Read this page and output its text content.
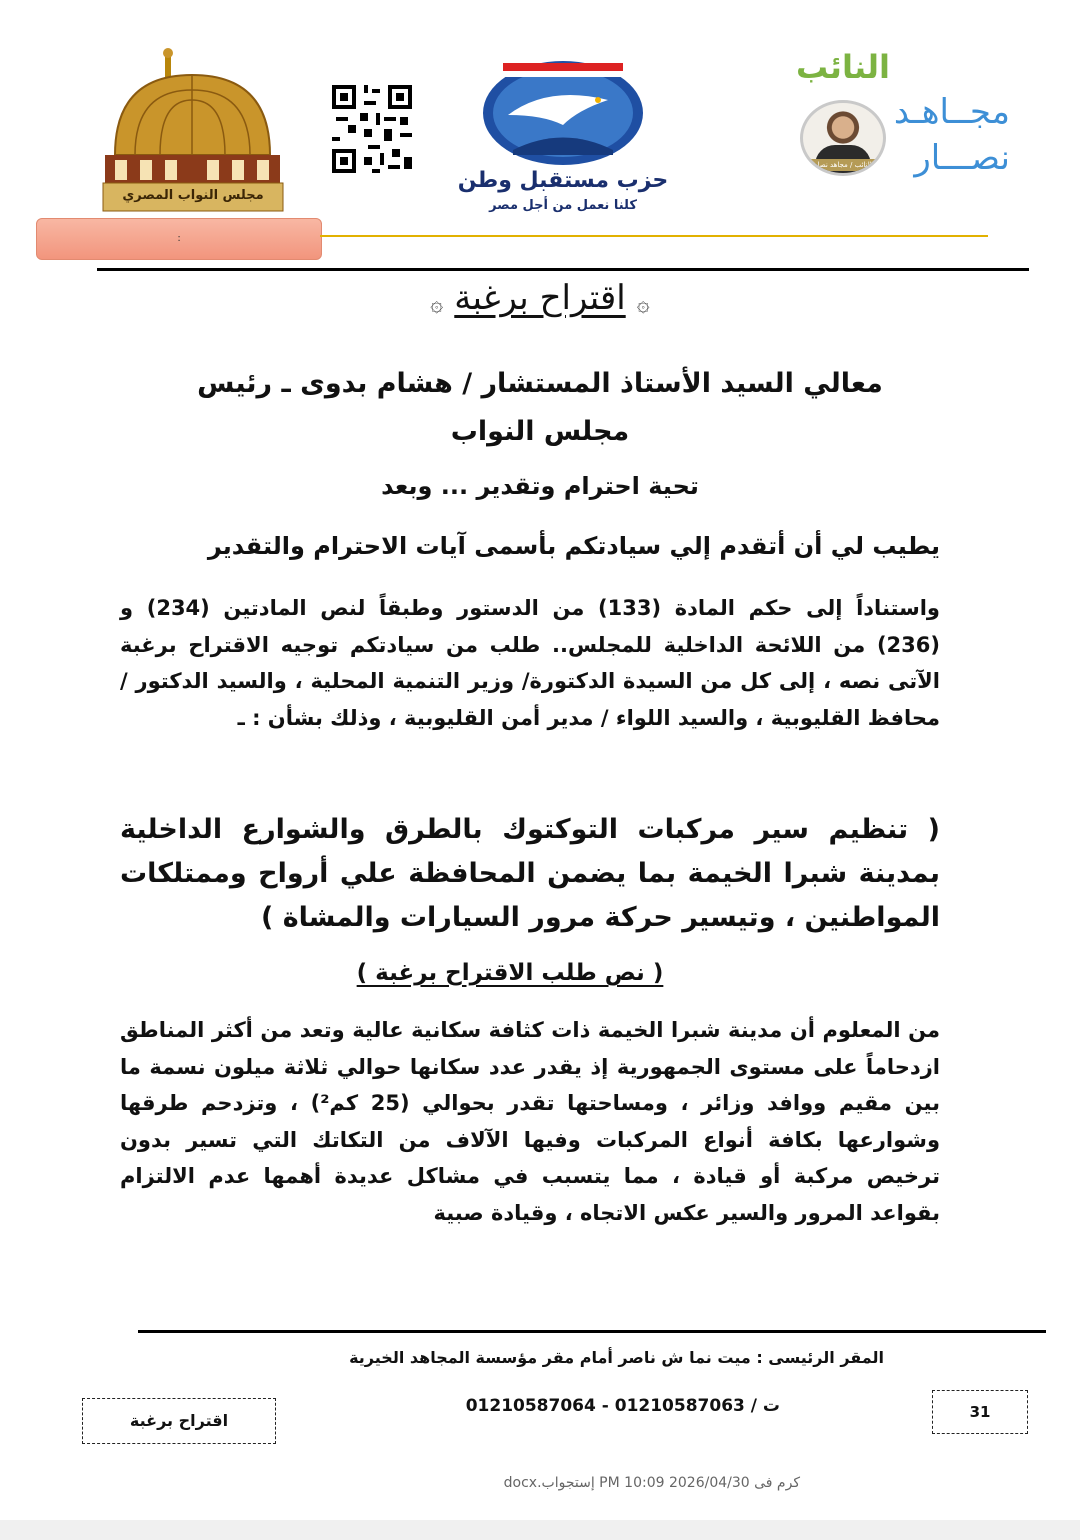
مجلس النواب المصري
حزب مستقبل وطن
كلنا نعمل من أجل مصر
النائب
مجــاهـد
نصـــار
النائب / مجاهد نصار
:
۞ اقتراح برغبة ۞
معالي السيد الأستاذ المستشار / هشام بدوى ـ رئيس مجلس النواب
تحية احترام وتقدير ... وبعد
يطيب لي أن أتقدم إلي سيادتكم بأسمى آيات الاحترام والتقدير
واستناداً إلى حكم المادة (133) من الدستور وطبقاً لنص المادتين (234) و (236) من اللائحة الداخلية للمجلس.. طلب من سيادتكم توجيه الاقتراح برغبة الآتى نصه ، إلى كل من السيدة الدكتورة/ وزير التنمية المحلية ، والسيد الدكتور / محافظ القليوبية ، والسيد اللواء / مدير أمن القليوبية ، وذلك بشأن : ـ
( تنظيم سير مركبات التوكتوك بالطرق والشوارع الداخلية بمدينة شبرا الخيمة بما يضمن المحافظة علي أرواح وممتلكات المواطنين ، وتيسير حركة مرور السيارات والمشاة )
( نص طلب الاقتراح برغبة )
من المعلوم أن مدينة شبرا الخيمة ذات كثافة سكانية عالية وتعد من أكثر المناطق ازدحاماً على مستوى الجمهورية إذ يقدر عدد سكانها حوالي ثلاثة ميلون نسمة ما بين مقيم ووافد وزائر ، ومساحتها تقدر بحوالي (25 كم²) ، وتزدحم طرقها وشوارعها بكافة أنواع المركبات وفيها الآلاف من التكاتك التي تسير بدون ترخيص مركبة أو قيادة ، مما يتسبب في مشاكل عديدة أهمها عدم الالتزام بقواعد المرور والسير عكس الاتجاه ، وقيادة صبية
المقر الرئيسى : ميت نما ش ناصر أمام مقر مؤسسة المجاهد الخيرية
ت / 01210587063 - 01210587064	31
اقتراح برغبة
كرم فى 2026/04/30 10:09 PM إستجواب.docx
